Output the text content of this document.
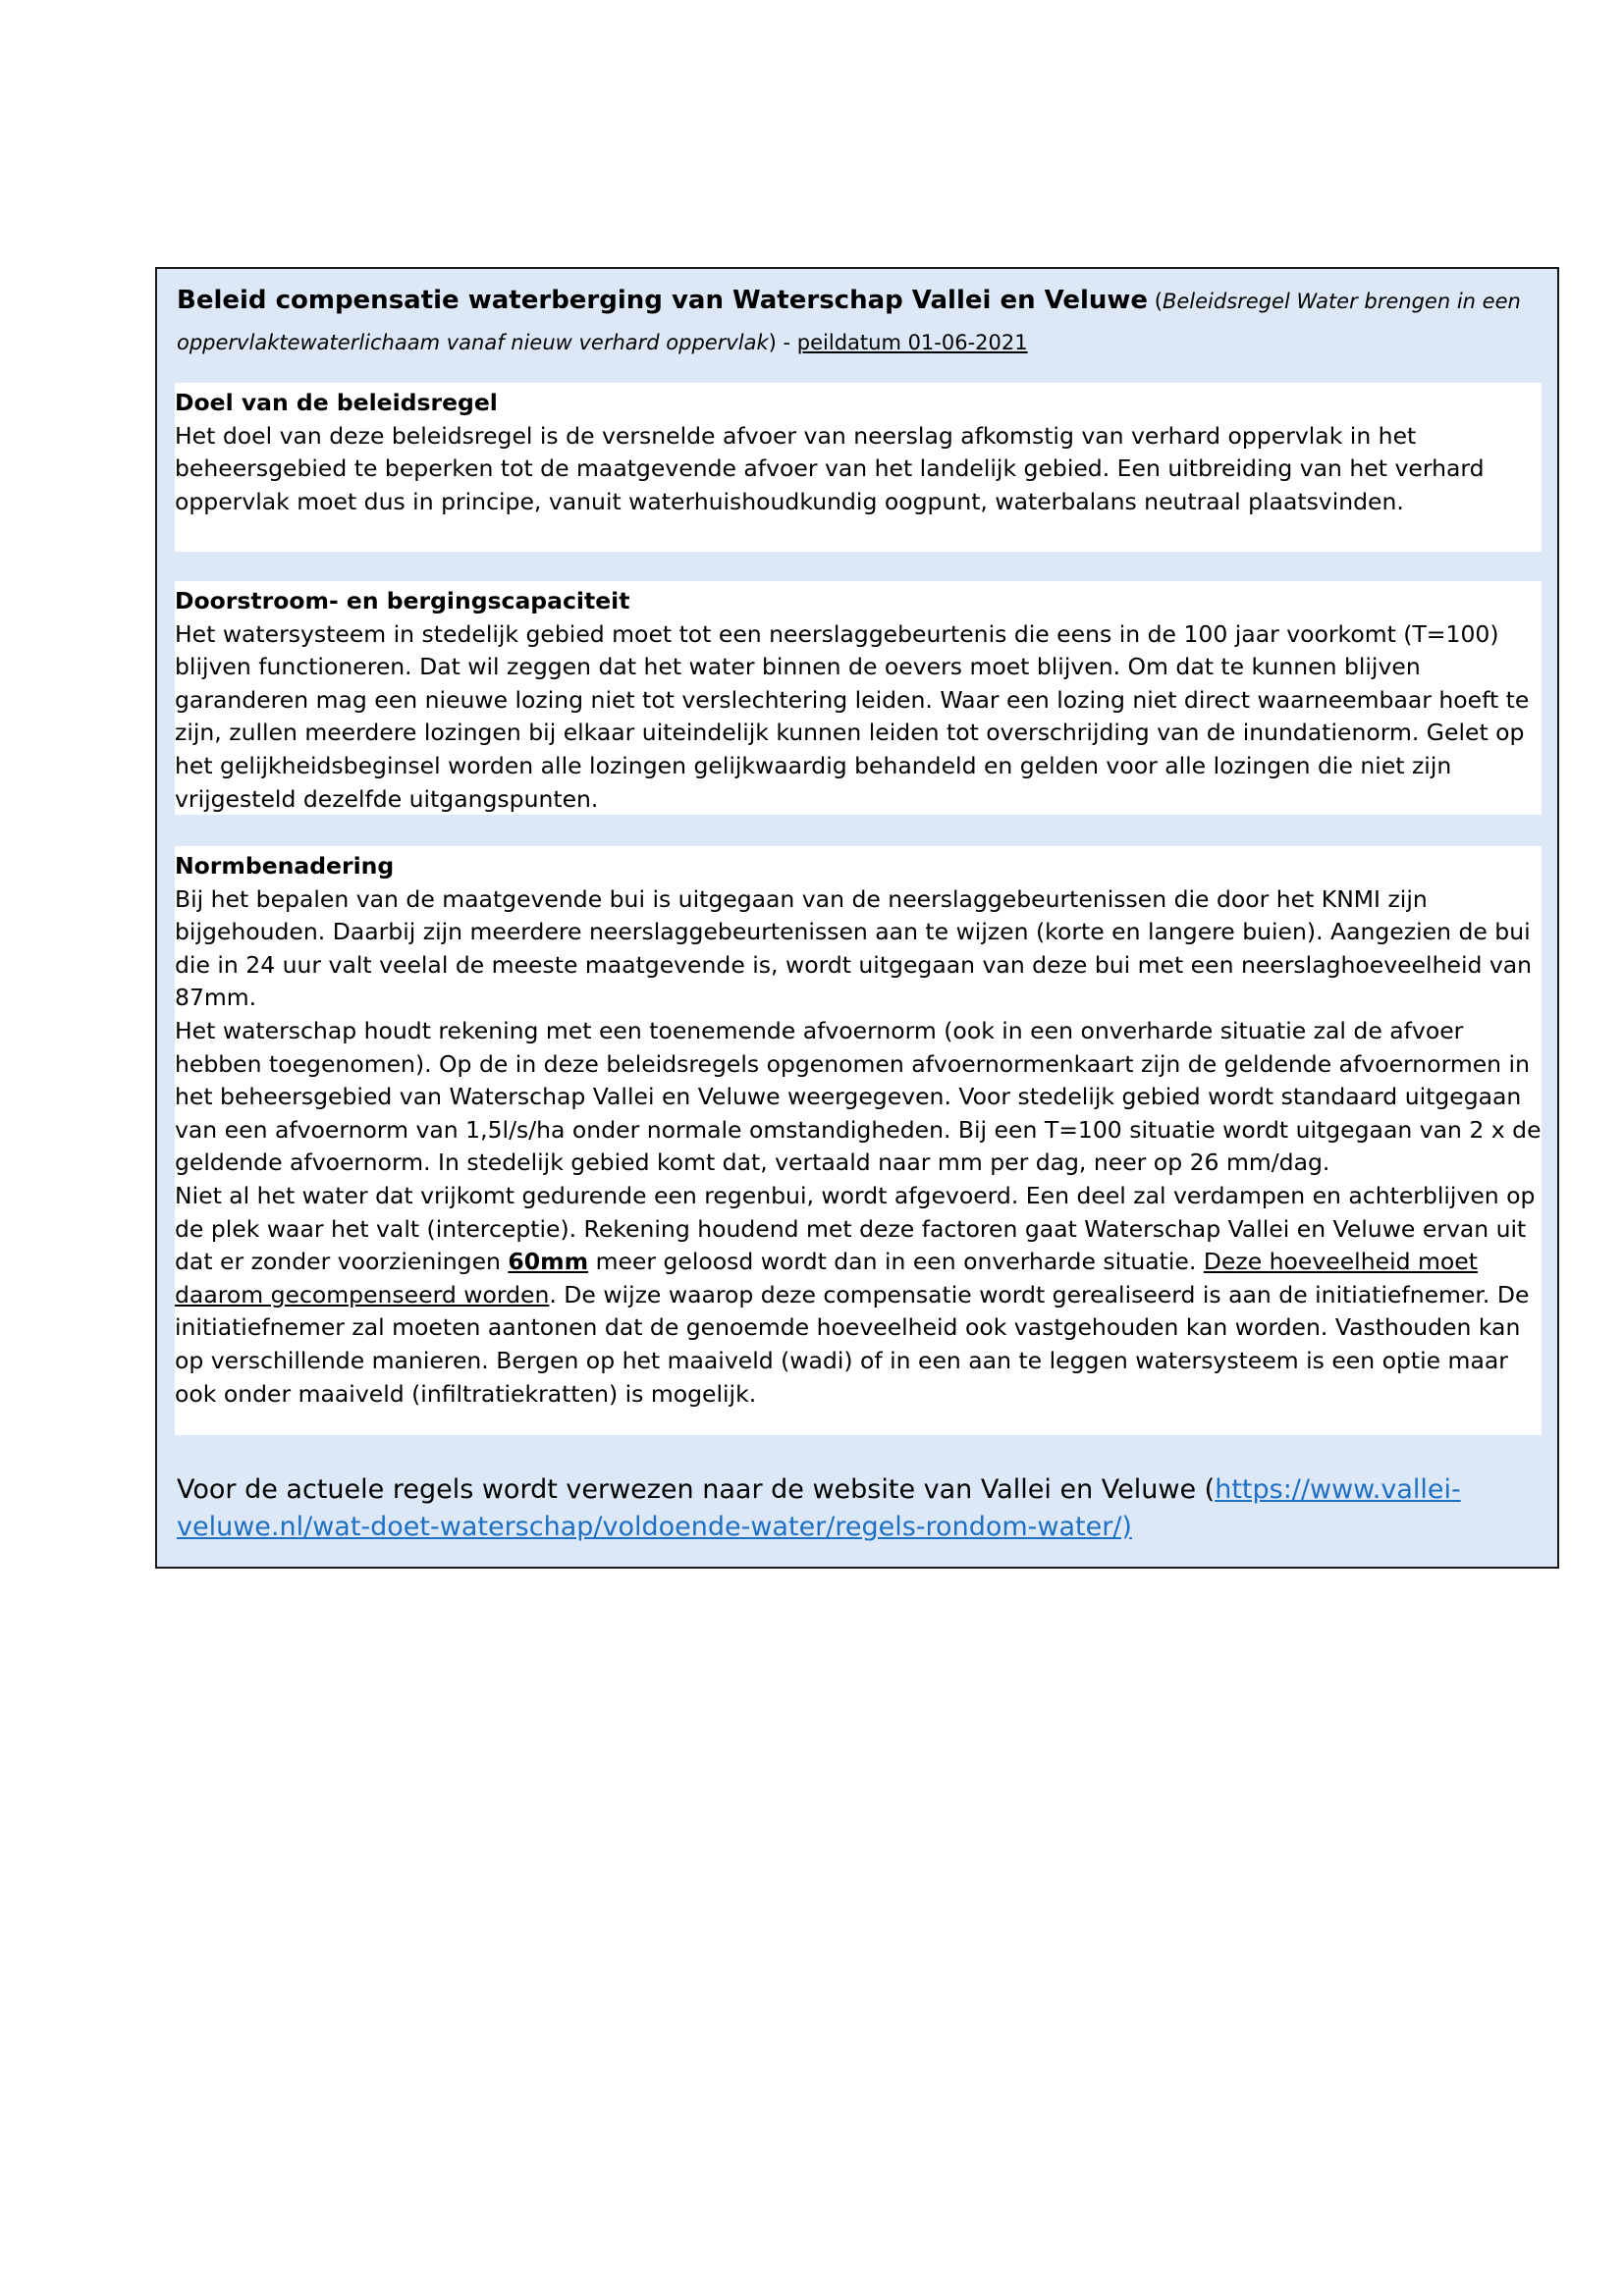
Beleid compensatie waterberging van Waterschap Vallei en Veluwe (Beleidsregel Water brengen in een oppervlaktewaterlichaam vanaf nieuw verhard oppervlak) - peildatum 01-06-2021
Doel van de beleidsregel
Het doel van deze beleidsregel is de versnelde afvoer van neerslag afkomstig van verhard oppervlak in het beheersgebied te beperken tot de maatgevende afvoer van het landelijk gebied. Een uitbreiding van het verhard oppervlak moet dus in principe, vanuit waterhuishoudkundig oogpunt, waterbalans neutraal plaatsvinden.
Doorstroom- en bergingscapaciteit
Het watersysteem in stedelijk gebied moet tot een neerslaggebeurtenis die eens in de 100 jaar voorkomt (T=100) blijven functioneren. Dat wil zeggen dat het water binnen de oevers moet blijven. Om dat te kunnen blijven garanderen mag een nieuwe lozing niet tot verslechtering leiden. Waar een lozing niet direct waarneembaar hoeft te zijn, zullen meerdere lozingen bij elkaar uiteindelijk kunnen leiden tot overschrijding van de inundatienorm. Gelet op het gelijkheidsbeginsel worden alle lozingen gelijkwaardig behandeld en gelden voor alle lozingen die niet zijn vrijgesteld dezelfde uitgangspunten.
Normbenadering
Bij het bepalen van de maatgevende bui is uitgegaan van de neerslaggebeurtenissen die door het KNMI zijn bijgehouden. Daarbij zijn meerdere neerslaggebeurtenissen aan te wijzen (korte en langere buien). Aangezien de bui die in 24 uur valt veelal de meeste maatgevende is, wordt uitgegaan van deze bui met een neerslaghoeveelheid van 87mm.
Het waterschap houdt rekening met een toenemende afvoernorm (ook in een onverharde situatie zal de afvoer hebben toegenomen). Op de in deze beleidsregels opgenomen afvoernormenkaart zijn de geldende afvoernormen in het beheersgebied van Waterschap Vallei en Veluwe weergegeven. Voor stedelijk gebied wordt standaard uitgegaan van een afvoernorm van 1,5l/s/ha onder normale omstandigheden. Bij een T=100 situatie wordt uitgegaan van 2 x de geldende afvoernorm. In stedelijk gebied komt dat, vertaald naar mm per dag, neer op 26 mm/dag.
Niet al het water dat vrijkomt gedurende een regenbui, wordt afgevoerd. Een deel zal verdampen en achterblijven op de plek waar het valt (interceptie). Rekening houdend met deze factoren gaat Waterschap Vallei en Veluwe ervan uit dat er zonder voorzieningen 60mm meer geloosd wordt dan in een onverharde situatie. Deze hoeveelheid moet daarom gecompenseerd worden. De wijze waarop deze compensatie wordt gerealiseerd is aan de initiatiefnemer. De initiatiefnemer zal moeten aantonen dat de genoemde hoeveelheid ook vastgehouden kan worden. Vasthouden kan op verschillende manieren. Bergen op het maaiveld (wadi) of in een aan te leggen watersysteem is een optie maar ook onder maaiveld (infiltratiekratten) is mogelijk.
Voor de actuele regels wordt verwezen naar de website van Vallei en Veluwe (https://www.vallei-veluwe.nl/wat-doet-waterschap/voldoende-water/regels-rondom-water/)
